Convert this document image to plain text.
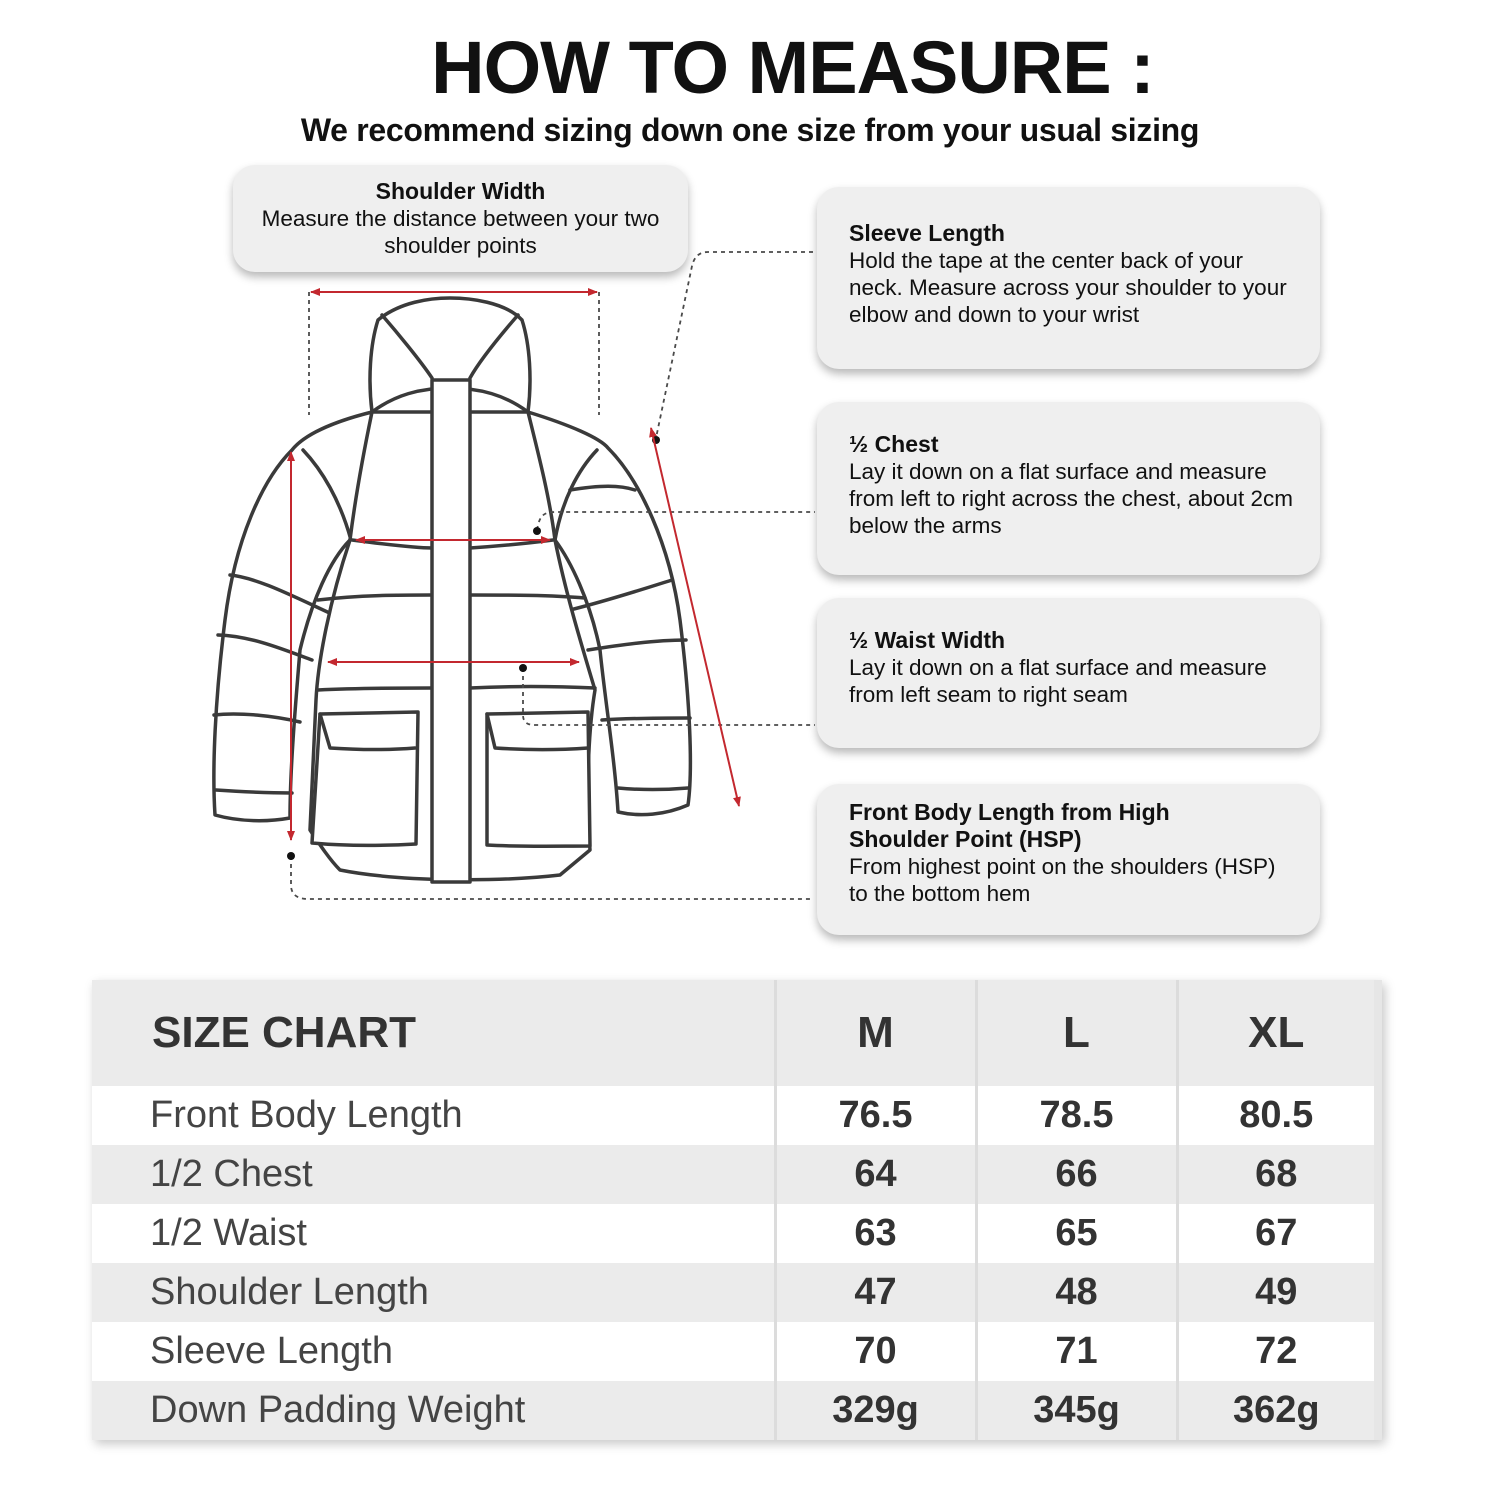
HOW TO MEASURE :
We recommend sizing down one size from your usual sizing
Shoulder Width
Measure the distance between your two shoulder points	Sleeve Length
Hold the tape at the center back of your neck. Measure across your shoulder to your elbow and down to your wrist
½ Chest
Lay it down on a flat surface and measure from left to right across the chest, about 2cm below the arms
½ Waist Width
Lay it down on a flat surface and measure from left seam to right seam
Front Body Length from High Shoulder Point (HSP)
From highest point on the shoulders (HSP) to the bottom hem
SIZE CHART	M	L	XL
Front Body Length	76.5	78.5	80.5
1/2 Chest	64	66	68
1/2 Waist	63	65	67
Shoulder Length	47	48	49
Sleeve Length	70	71	72
Down Padding Weight	329g	345g	362g
